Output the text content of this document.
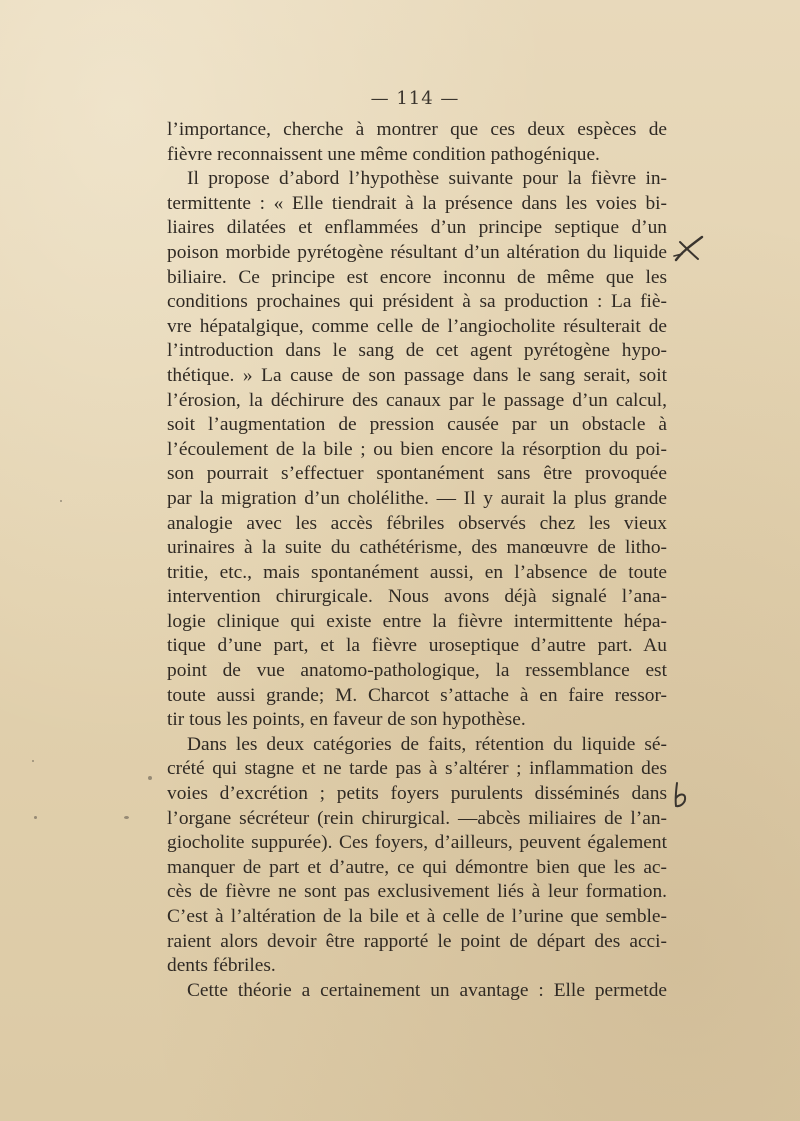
— 114 —
l’importance, cherche à montrer que ces deux espèces de
fièvre reconnaissent une même condition pathogénique.
Il propose d’abord l’hypothèse suivante pour la fièvre in-
termittente : « Elle tiendrait à la présence dans les voies bi-
liaires dilatées et enflammées d’un principe septique d’un
poison morbide pyrétogène résultant d’un altération du liquide
biliaire. Ce principe est encore inconnu de même que les
conditions prochaines qui président à sa production : La fiè-
vre hépatalgique, comme celle de l’angiocholite résulterait de
l’introduction dans le sang de cet agent pyrétogène hypo-
thétique. » La cause de son passage dans le sang serait, soit
l’érosion, la déchirure des canaux par le passage d’un calcul,
soit l’augmentation de pression causée par un obstacle à
l’écoulement de la bile ; ou bien encore la résorption du poi-
son pourrait s’effectuer spontanément sans être provoquée
par la migration d’un cholélithe. — Il y aurait la plus grande
analogie avec les accès fébriles observés chez les vieux
urinaires à la suite du cathétérisme, des manœuvre de litho-
tritie, etc., mais spontanément aussi, en l’absence de toute
intervention chirurgicale. Nous avons déjà signalé l’ana-
logie clinique qui existe entre la fièvre intermittente hépa-
tique d’une part, et la fièvre uroseptique d’autre part. Au
point de vue anatomo-pathologique, la ressemblance est
toute aussi grande; M. Charcot s’attache à en faire ressor-
tir tous les points, en faveur de son hypothèse.
Dans les deux catégories de faits, rétention du liquide sé-
crété qui stagne et ne tarde pas à s’altérer ; inflammation des
voies d’excrétion ; petits foyers purulents disséminés dans
l’organe sécréteur (rein chirurgical. —abcès miliaires de l’an-
giocholite suppurée). Ces foyers, d’ailleurs, peuvent également
manquer de part et d’autre, ce qui démontre bien que les ac-
cès de fièvre ne sont pas exclusivement liés à leur formation.
C’est à l’altération de la bile et à celle de l’urine que semble-
raient alors devoir être rapporté le point de départ des acci-
dents fébriles.
Cette théorie a certainement un avantage : Elle permetde
